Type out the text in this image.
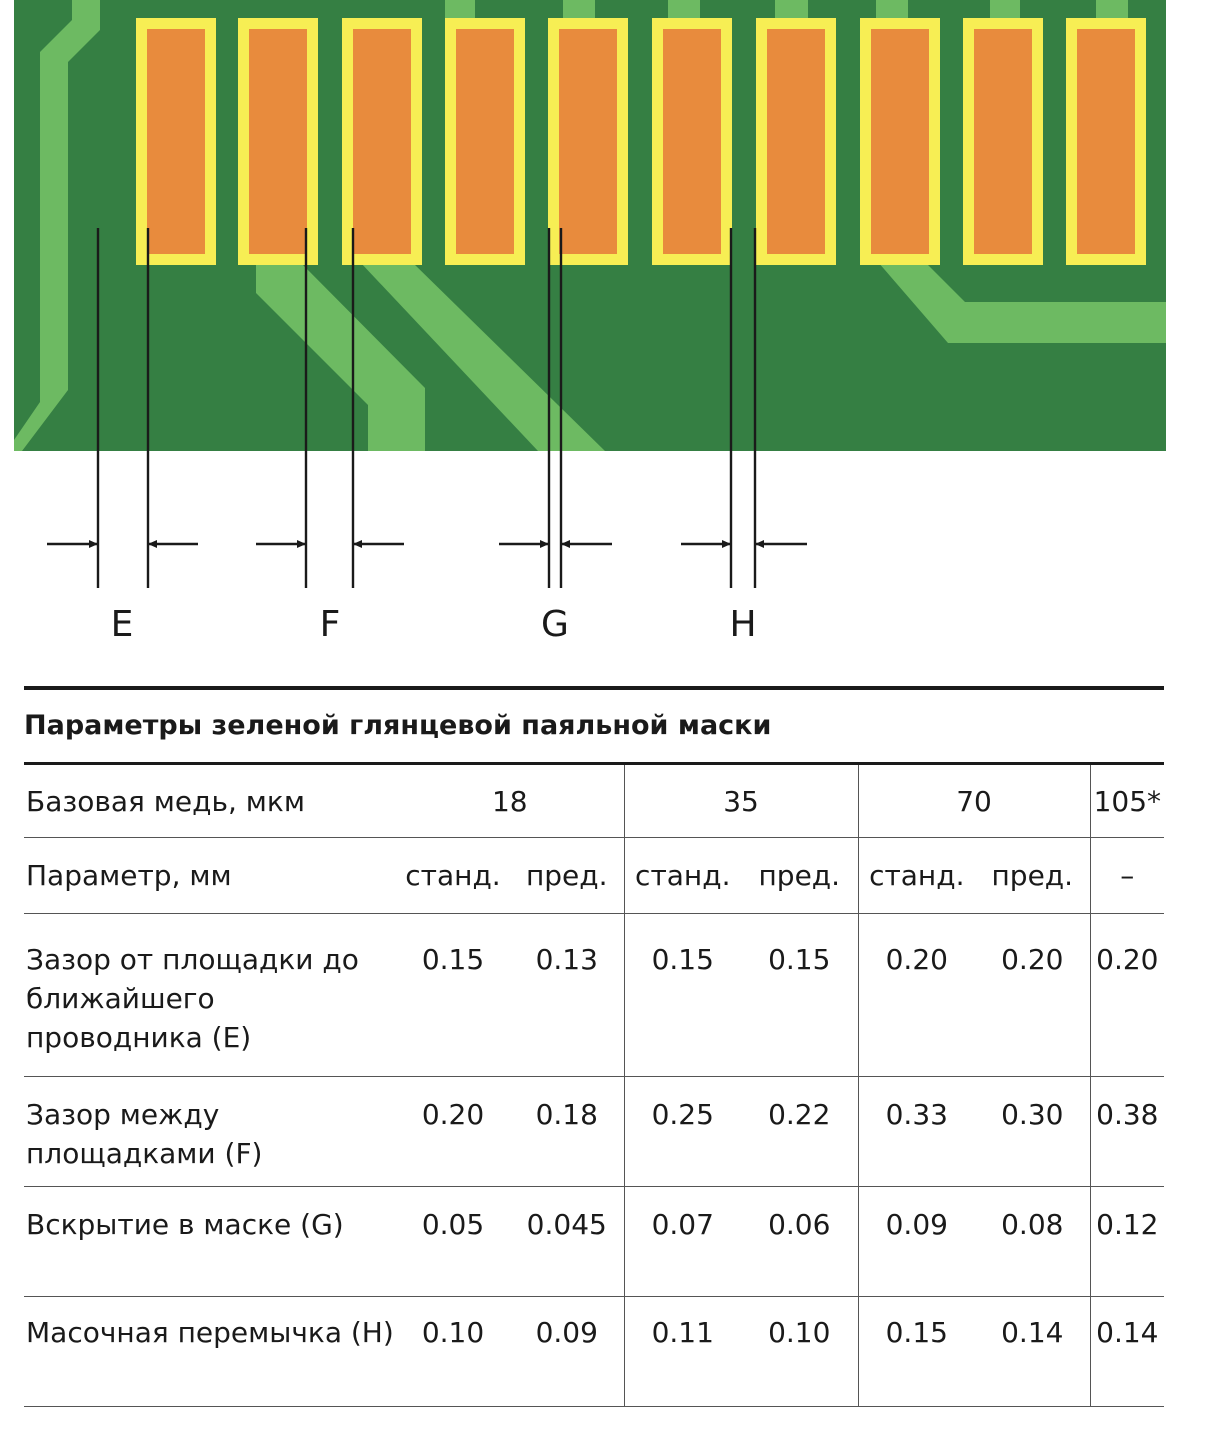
E	F	G	H
Параметры зеленой глянцевой паяльной маски
Базовая медь, мкм	18		35		70		105*
Параметр, мм	станд.	пред.	станд.	пред.	станд.	пред.	–
Зазор от площадки до ближайшего проводника (E)	0.15	0.13	0.15	0.15	0.20	0.20	0.20
Зазор между площадками (F)	0.20	0.18	0.25	0.22	0.33	0.30	0.38
Вскрытие в маске (G)	0.05	0.045	0.07	0.06	0.09	0.08	0.12
Масочная перемычка (H)	0.10	0.09	0.11	0.10	0.15	0.14	0.14
